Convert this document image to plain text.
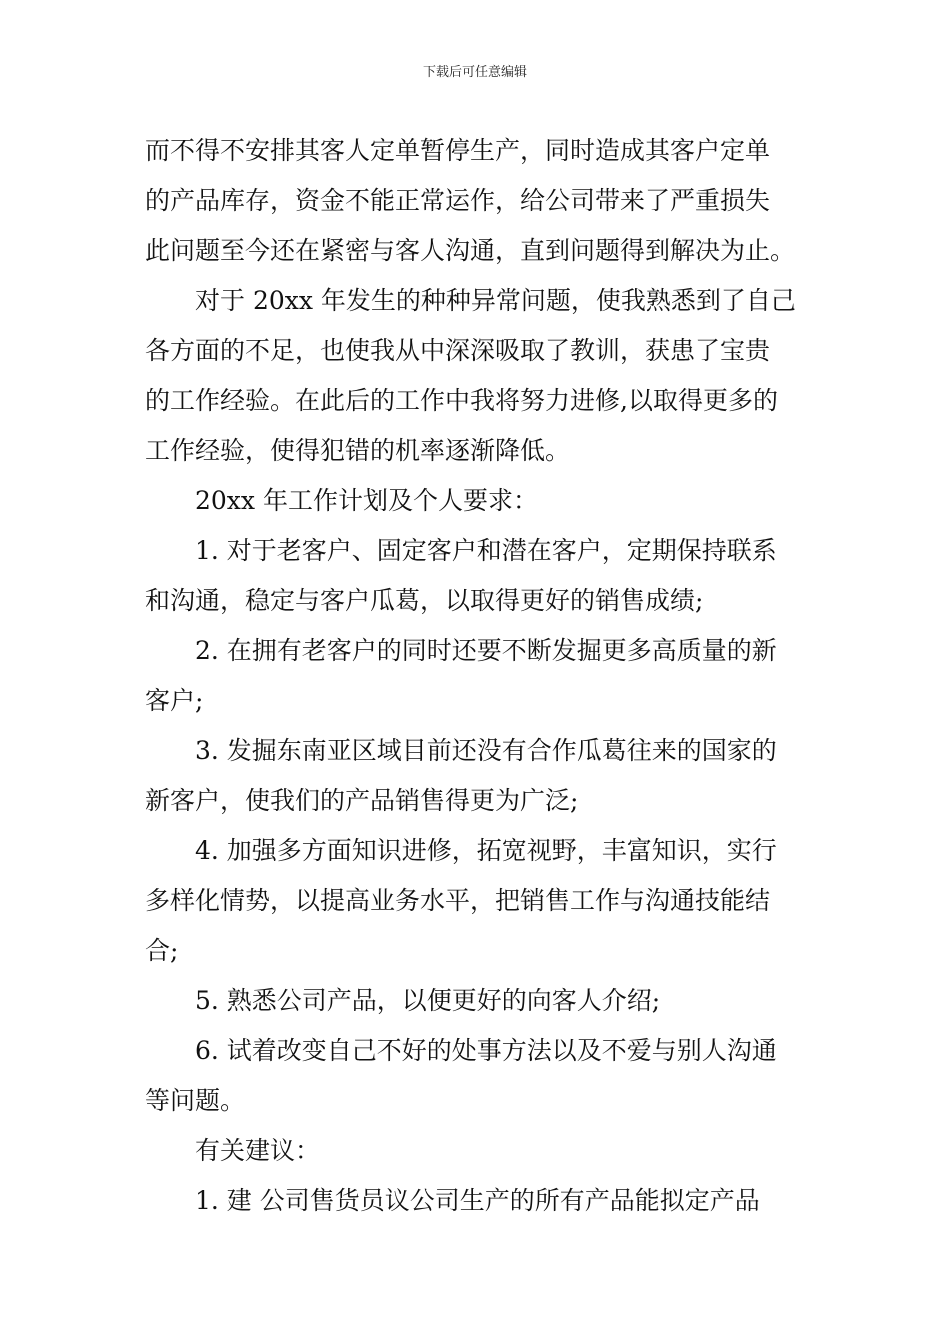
下载后可任意编辑
而不得不安排其客人定单暂停生产，同时造成其客户定单
的产品库存，资金不能正常运作，给公司带来了严重损失
此问题至今还在紧密与客人沟通，直到问题得到解决为止。
对于 20xx 年发生的种种异常问题，使我熟悉到了自己
各方面的不足，也使我从中深深吸取了教训，获患了宝贵
的工作经验。在此后的工作中我将努力进修,以取得更多的
工作经验，使得犯错的机率逐渐降低。
20xx 年工作计划及个人要求：
1. 对于老客户、固定客户和潜在客户，定期保持联系
和沟通，稳定与客户瓜葛，以取得更好的销售成绩;
2. 在拥有老客户的同时还要不断发掘更多高质量的新
客户;
3. 发掘东南亚区域目前还没有合作瓜葛往来的国家的
新客户，使我们的产品销售得更为广泛;
4. 加强多方面知识进修，拓宽视野，丰富知识，实行
多样化情势，以提高业务水平，把销售工作与沟通技能结
合;
5. 熟悉公司产品，以便更好的向客人介绍;
6. 试着改变自己不好的处事方法以及不爱与别人沟通
等问题。
有关建议：
1. 建 公司售货员议公司生产的所有产品能拟定产品
